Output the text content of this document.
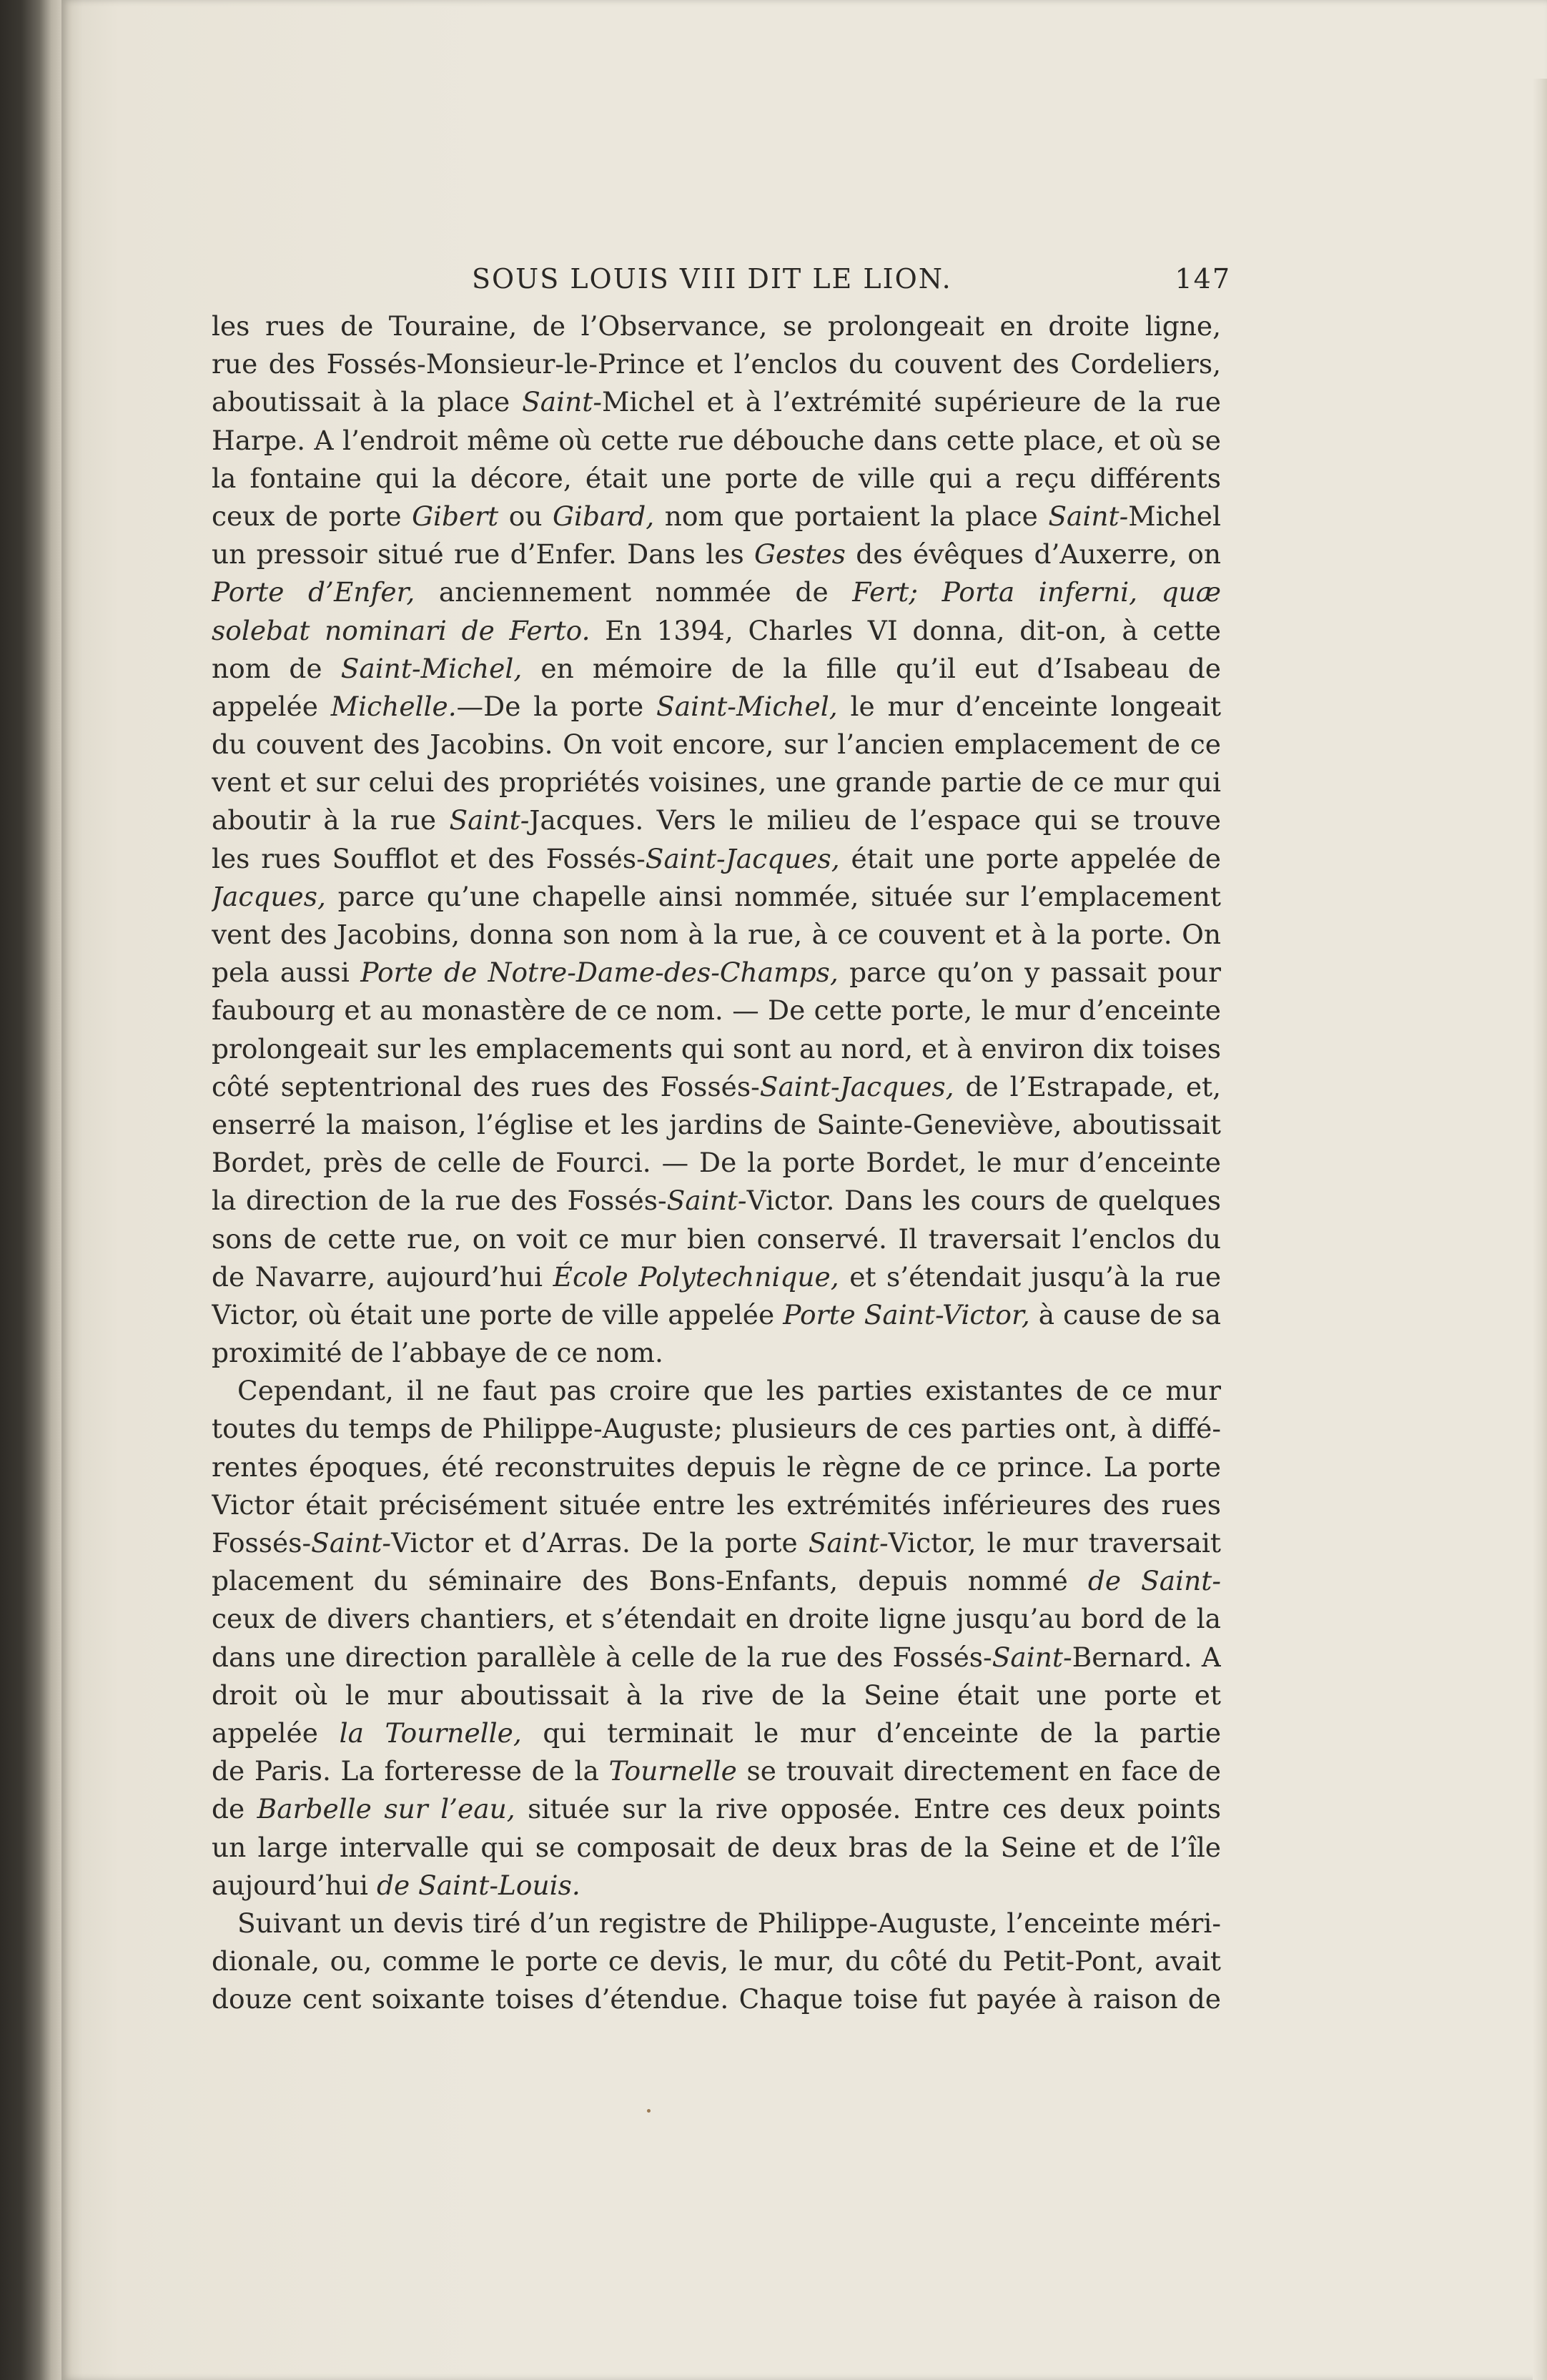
SOUS LOUIS VIII DIT LE LION.	147
les rues de Touraine, de l’Observance, se prolongeait en droite ligne,
rue des Fossés-Monsieur-le-Prince et l’enclos du couvent des Cordeliers,
aboutissait à la place Saint-Michel et à l’extrémité supérieure de la rue
Harpe. A l’endroit même où cette rue débouche dans cette place, et où se
la fontaine qui la décore, était une porte de ville qui a reçu différents
ceux de porte Gibert ou Gibard, nom que portaient la place Saint-Michel
un pressoir situé rue d’Enfer. Dans les Gestes des évêques d’Auxerre, on
Porte d’Enfer, anciennement nommée de Fert; Porta inferni, quæ
solebat nominari de Ferto. En 1394, Charles VI donna, dit-on, à cette
nom de Saint-Michel, en mémoire de la fille qu’il eut d’Isabeau de
appelée Michelle.—De la porte Saint-Michel, le mur d’enceinte longeait
du couvent des Jacobins. On voit encore, sur l’ancien emplacement de ce
vent et sur celui des propriétés voisines, une grande partie de ce mur qui
aboutir à la rue Saint-Jacques. Vers le milieu de l’espace qui se trouve
les rues Soufflot et des Fossés-Saint-Jacques, était une porte appelée de
Jacques, parce qu’une chapelle ainsi nommée, située sur l’emplacement
vent des Jacobins, donna son nom à la rue, à ce couvent et à la porte. On
pela aussi Porte de Notre-Dame-des-Champs, parce qu’on y passait pour
faubourg et au monastère de ce nom. — De cette porte, le mur d’enceinte
prolongeait sur les emplacements qui sont au nord, et à environ dix toises
côté septentrional des rues des Fossés-Saint-Jacques, de l’Estrapade, et,
enserré la maison, l’église et les jardins de Sainte-Geneviève, aboutissait
Bordet, près de celle de Fourci. — De la porte Bordet, le mur d’enceinte
la direction de la rue des Fossés-Saint-Victor. Dans les cours de quelques
sons de cette rue, on voit ce mur bien conservé. Il traversait l’enclos du
de Navarre, aujourd’hui École Polytechnique, et s’étendait jusqu’à la rue
Victor, où était une porte de ville appelée Porte Saint-Victor, à cause de sa
proximité de l’abbaye de ce nom.
Cependant, il ne faut pas croire que les parties existantes de ce mur
toutes du temps de Philippe-Auguste; plusieurs de ces parties ont, à diffé-
rentes époques, été reconstruites depuis le règne de ce prince. La porte
Victor était précisément située entre les extrémités inférieures des rues
Fossés-Saint-Victor et d’Arras. De la porte Saint-Victor, le mur traversait
placement du séminaire des Bons-Enfants, depuis nommé de Saint-
ceux de divers chantiers, et s’étendait en droite ligne jusqu’au bord de la
dans une direction parallèle à celle de la rue des Fossés-Saint-Bernard. A
droit où le mur aboutissait à la rive de la Seine était une porte et
appelée la Tournelle, qui terminait le mur d’enceinte de la partie
de Paris. La forteresse de la Tournelle se trouvait directement en face de
de Barbelle sur l’eau, située sur la rive opposée. Entre ces deux points
un large intervalle qui se composait de deux bras de la Seine et de l’île
aujourd’hui de Saint-Louis.
Suivant un devis tiré d’un registre de Philippe-Auguste, l’enceinte méri-
dionale, ou, comme le porte ce devis, le mur, du côté du Petit-Pont, avait
douze cent soixante toises d’étendue. Chaque toise fut payée à raison de
